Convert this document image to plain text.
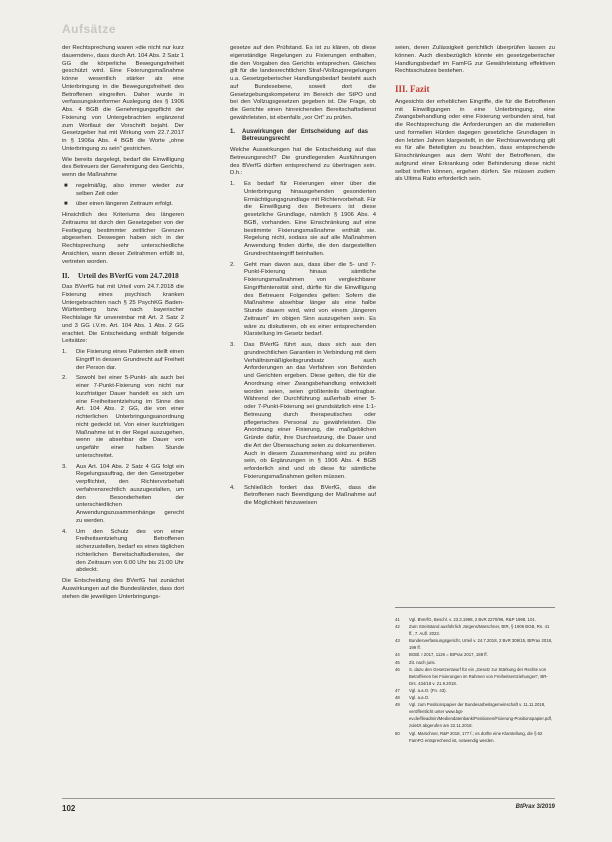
Aufsätze

der Rechtsprechung waren »die nicht nur kurz dauernden«, dass durch Art. 104 Abs. 2 Satz 1 GG die körperliche Bewegungsfreiheit geschützt wird. Eine Fixierungsmaßnahme könne wesentlich stärker als eine Unterbringung in die Bewegungsfreiheit des Betroffenen eingreifen. Daher wurde in verfassungskonformer Auslegung des § 1906 Abs. 4 BGB die Genehmigungspflicht der Fixierung von Untergebrachten ergänzend zum Wortlaut der Vorschrift bejaht. Der Gesetzgeber hat mit Wirkung vom 22.7.2017 in § 1906a Abs. 4 BGB die Worte „ohne Unterbringung zu sein" gestrichen.

Wie bereits dargelegt, bedarf die Einwilligung des Betreuers der Genehmigung des Gerichts, wenn die Maßnahme

■ regelmäßig, also immer wieder zur selben Zeit oder
■ über einen längeren Zeitraum erfolgt.

Hinsichtlich des Kriteriums des längeren Zeitraums ist durch den Gesetzgeber von der Festlegung bestimmter zeitlicher Grenzen abgesehen. Deswegen haben sich in der Rechtsprechung sehr unterschiedliche Ansichten, wann dieser Zeitrahmen erfüllt ist, vertreten worden.

II. Urteil des BVerfG vom 24.7.2018

Das BVerfG hat mit Urteil vom 24.7.2018 die Fixierung eines psychisch kranken Untergebrachten nach § 25 PsychKG Baden-Württemberg bzw. nach bayerischer Rechtslage für unvereinbar mit Art. 2 Satz 2 und 3 GG i.V.m. Art. 104 Abs. 1 Abs. 2 GG erachtet. Die Entscheidung enthält folgende Leitsätze:

1. Die Fixierung eines Patienten stellt einen Eingriff in dessen Grundrecht auf Freiheit der Person dar.
2. Sowohl bei einer 5-Punkt- als auch bei einer 7-Punkt-Fixierung von nicht nur kurzfristiger Dauer handelt es sich um eine Freiheitsentziehung im Sinne des Art. 104 Abs. 2 GG, die von einer richterlichen Unterbringungsanordnung nicht gedeckt ist. Von einer kurzfristigen Maßnahme ist in der Regel auszugehen, wenn sie absehbar die Dauer von ungefähr einer halben Stunde unterschreitet.
3. Aus Art. 104 Abs. 2 Satz 4 GG folgt ein Regelungsauftrag, der den Gesetzgeber verpflichtet, den Richtervorbehalt verfahrensrechtlich auszugestalten, um den Besonderheiten der unterschiedlichen Anwendungszusammenhänge gerecht zu werden.
4. Um den Schutz des von einer Freiheitsentziehung Betroffenen sicherzustellen, bedarf es eines täglichen richterlichen Bereitschaftsdienstes, der den Zeitraum von 6:00 Uhr bis 21:00 Uhr abdeckt.

Die Entscheidung des BVerfG hat zunächst Auswirkungen auf die Bundesländer, dass dort stehen die jeweiligen Unterbringungs-

gesetze auf den Prüfstand. Es ist zu klären, ob diese eigenständige Regelungen zu Fixierungen enthalten, die den Vorgaben des Gerichts entsprechen. Gleiches gilt für die landesrechtlichen Straf-/Vollzugsregelungen u.a. Gesetzgeberischer Handlungsbedarf besteht auch auf Bundesebene, soweit dort die Gesetzgebungskompetenz im Bereich der StPO und bei den Vollzugsgesetzen gegeben ist. Die Frage, ob die Gerichte einen hinreichenden Bereitschaftsdienst gewährleisten, ist ebenfalls „vor Ort" zu prüfen.

1. Auswirkungen der Entscheidung auf das Betreuungsrecht

Welche Auswirkungen hat die Entscheidung auf das Betreuungsrecht? Die grundlegenden Ausführungen des BVerfG dürften entsprechend zu übertragen sein. D.h.:

1. Es bedarf für Fixierungen einer über die Unterbringung hinausgehenden gesonderten Ermächtigungsgrundlage mit Richtervorbehalt. Für die Einwilligung des Betreuers ist diese gesetzliche Grundlage, nämlich § 1906 Abs. 4 BGB, vorhanden. Eine Einschränkung auf eine bestimmte Fixierungsmaßnahme enthält sie. Regelung nicht, sodass sie auf alle Maßnahmen Anwendung finden dürfte, die den dargestellten Grundrechtseingriff beinhalten.
2. Geht man davon aus, dass über die 5- und 7-Punkt-Fixierung hinaus sämtliche Fixierungsmaßnahmen von vergleichbarer Eingriffsintensität sind, dürfte für die Einwilligung des Betreuers Folgendes gelten: Sofern die Maßnahme absehbar länger als eine halbe Stunde dauern wird, wird von einem „längeren Zeitraum" im obigen Sinn auszugehen sein. Es wäre zu diskutieren, ob es einer entsprechenden Klarstellung im Gesetz bedarf.
3. Das BVerfG führt aus, dass sich aus den grundrechtlichen Garantien in Verbindung mit dem Verhältnismäßigkeitsgrundsatz auch Anforderungen an das Verfahren von Behörden und Gerichten ergeben. Diese gelten, die für die Anordnung einer Zwangsbehandlung entwickelt worden seien, seien größtenteils übertragbar. Während der Durchführung außerhalb einer 5- oder 7-Punkt-Fixierung sei grundsätzlich eine 1:1-Betreuung durch therapeutisches oder pflegerisches Personal zu gewährleisten. Die Anordnung einer Fixierung, die maßgeblichen Gründe dafür, ihre Durchsetzung, die Dauer und die Art der Überwachung seien zu dokumentieren. Auch in diesem Zusammenhang wird zu prüfen sein, ob Ergänzungen in § 1906 Abs. 4 BGB erforderlich sind und ob diese für sämtliche Fixierungsmaßnahmen gelten müssen.
4. Schließlich fordert das BVerfG, dass die Betroffenen nach Beendigung der Maßnahme auf die Möglichkeit hinzuweisen

seien, deren Zulässigkeit gerichtlich überprüfen lassen zu können. Auch diesbezüglich könnte ein gesetzgeberischer Handlungsbedarf im FamFG zur Gewährleistung effektiven Rechtsschutzes bestehen.

III. Fazit

Angesichts der erheblichen Eingriffe, die für die Betroffenen mit Einwilligungen in eine Unterbringung, eine Zwangsbehandlung oder eine Fixierung verbunden sind, hat die Rechtsprechung die Anforderungen an die materiellen und formellen Hürden dagegen gesetzliche Grundlagen in den letzten Jahren klargestellt, in der Rechtsanwendung gilt es für alle Beteiligten zu beachten, dass entsprechende Einschränkungen aus dem Wohl der Betroffenen, die aufgrund einer Erkrankung oder Behinderung diese nicht selbst treffen können, ergehen dürfen. Sie müssen zudem als Ultima Ratio erforderlich sein.

41 Vgl. BVerfG, Beschl. v. 23.3.1998, 2 BvR 2270/96, R&P 1998, 101.
42 Zum Streitstand ausführlich Jürgens/Marschner, BtR, § 1906 BGB, Rn. 41 ff., 7. Aufl. 2023.
43 Bundesverfassungsgericht, Urteil v. 24.7.2018, 2 BvR 309/15, BtPrax 2018, 199 ff.
44 BGBl. I 2017, 1126 = BtPrax 2017, 188 ff.
45 Zit. nach juris.
46 S. dazu den Gesetzentwurf für ein „Gesetz zur Stärkung der Rechte von Betroffenen bei Fixierungen im Rahmen von Freiheitsentziehungen", BR-Drs. 434/18 v. 21.9.2018.
47 Vgl. a.a.O. (Fn. 43).
48 Vgl. a.a.O.
49 Vgl. zum Positionspapier der Bundesarbeitsgemeinschaft v. 11.11.2018, veröffentlicht unter www.bgt-ev.de/fileadmin/Mediendatenbank/Positionen/Fixierung-Positionspapier.pdf, zuletzt abgerufen am 22.11.2018.
50 Vgl. Marschner, R&P 2018, 177 f.; es dürfte eine Klarstellung, die § 62 FamFG entsprechend ist, notwendig werden.
102	BtPrax 3/2019
